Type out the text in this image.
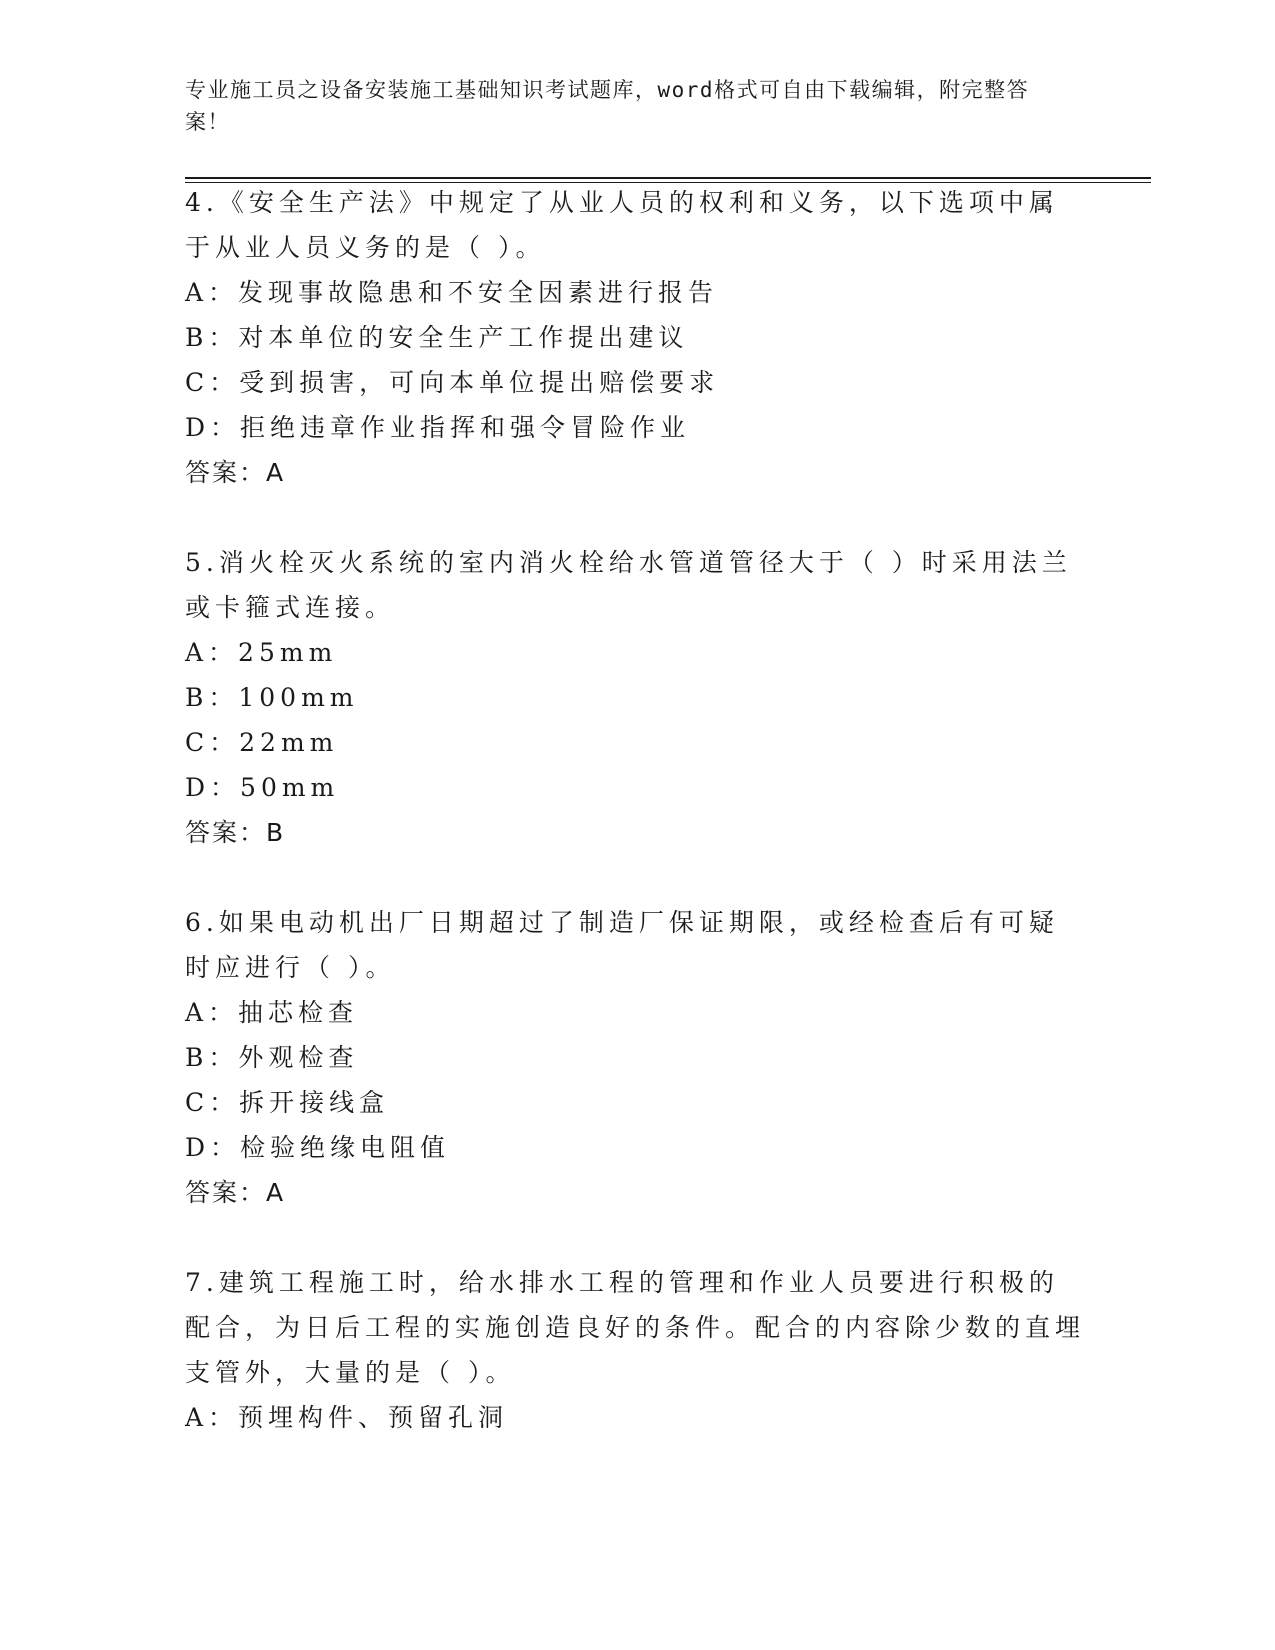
专业施工员之设备安装施工基础知识考试题库，word格式可自由下载编辑，附完整答案！

4.《安全生产法》中规定了从业人员的权利和义务，以下选项中属于从业人员义务的是（ ）。

A：发现事故隐患和不安全因素进行报告

B：对本单位的安全生产工作提出建议

C：受到损害，可向本单位提出赔偿要求

D：拒绝违章作业指挥和强令冒险作业

答案：A

5.消火栓灭火系统的室内消火栓给水管道管径大于（ ）时采用法兰或卡箍式连接。

A：25mm

B：100mm

C：22mm

D：50mm

答案：B

6.如果电动机出厂日期超过了制造厂保证期限，或经检查后有可疑时应进行（ ）。

A：抽芯检查

B：外观检查

C：拆开接线盒

D：检验绝缘电阻值

答案：A

7.建筑工程施工时，给水排水工程的管理和作业人员要进行积极的配合，为日后工程的实施创造良好的条件。配合的内容除少数的直埋支管外，大量的是（ ）。

A：预埋构件、预留孔洞
